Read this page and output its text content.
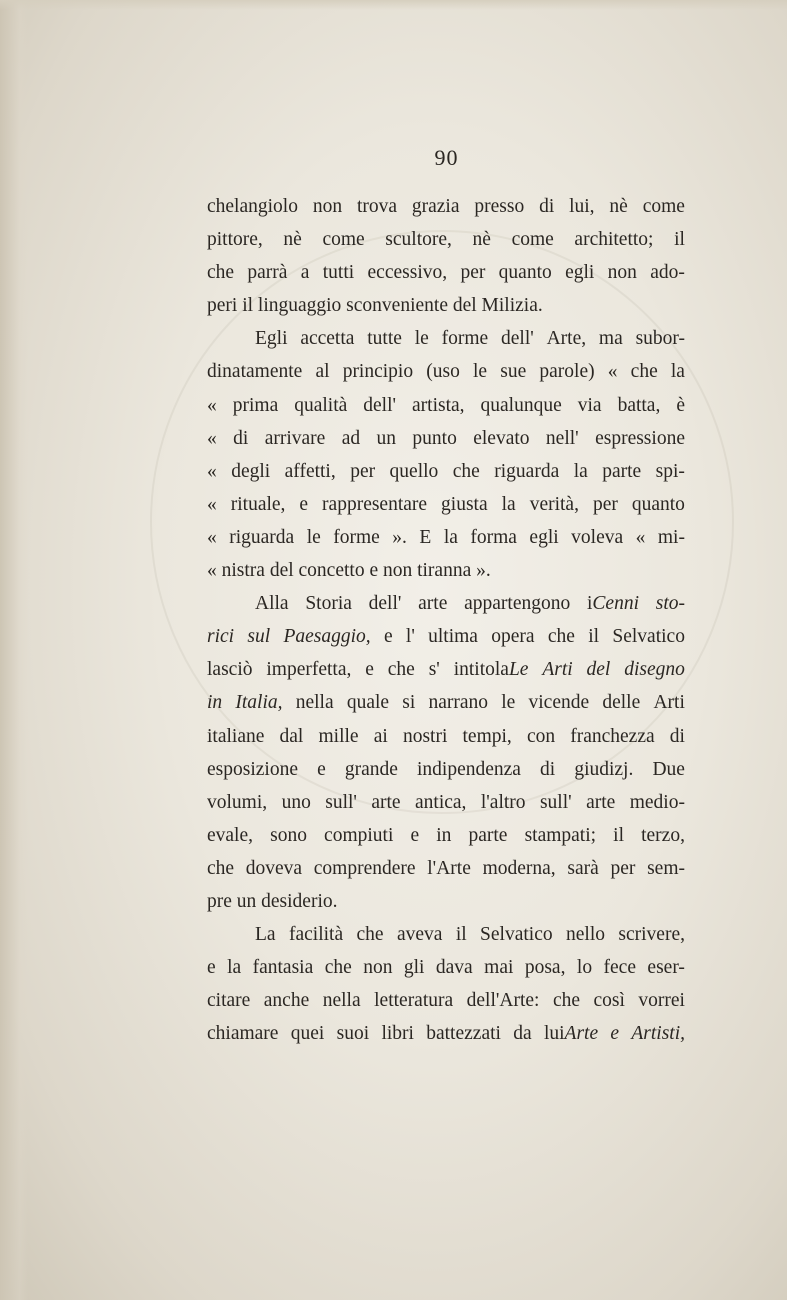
90
chelangiolo non trova grazia presso di lui, nè come
pittore, nè come scultore, nè come architetto; il
che parrà a tutti eccessivo, per quanto egli non ado-
peri il linguaggio sconveniente del Milizia.
Egli accetta tutte le forme dell' Arte, ma subor-
dinatamente al principio (uso le sue parole) « che la
« prima qualità dell' artista, qualunque via batta, è
« di arrivare ad un punto elevato nell' espressione
« degli affetti, per quello che riguarda la parte spi-
« rituale, e rappresentare giusta la verità, per quanto
« riguarda le forme ». E la forma egli voleva « mi-
« nistra del concetto e non tiranna ».
Alla Storia dell' arte appartengono iCenni sto-
rici sul Paesaggio, e l' ultima opera che il Selvatico
lasciò imperfetta, e che s' intitolaLe Arti del disegno
in Italia, nella quale si narrano le vicende delle Arti
italiane dal mille ai nostri tempi, con franchezza di
esposizione e grande indipendenza di giudizj. Due
volumi, uno sull' arte antica, l'altro sull' arte medio-
evale, sono compiuti e in parte stampati; il terzo,
che doveva comprendere l'Arte moderna, sarà per sem-
pre un desiderio.
La facilità che aveva il Selvatico nello scrivere,
e la fantasia che non gli dava mai posa, lo fece eser-
citare anche nella letteratura dell'Arte: che così vorrei
chiamare quei suoi libri battezzati da luiArte e Artisti,
